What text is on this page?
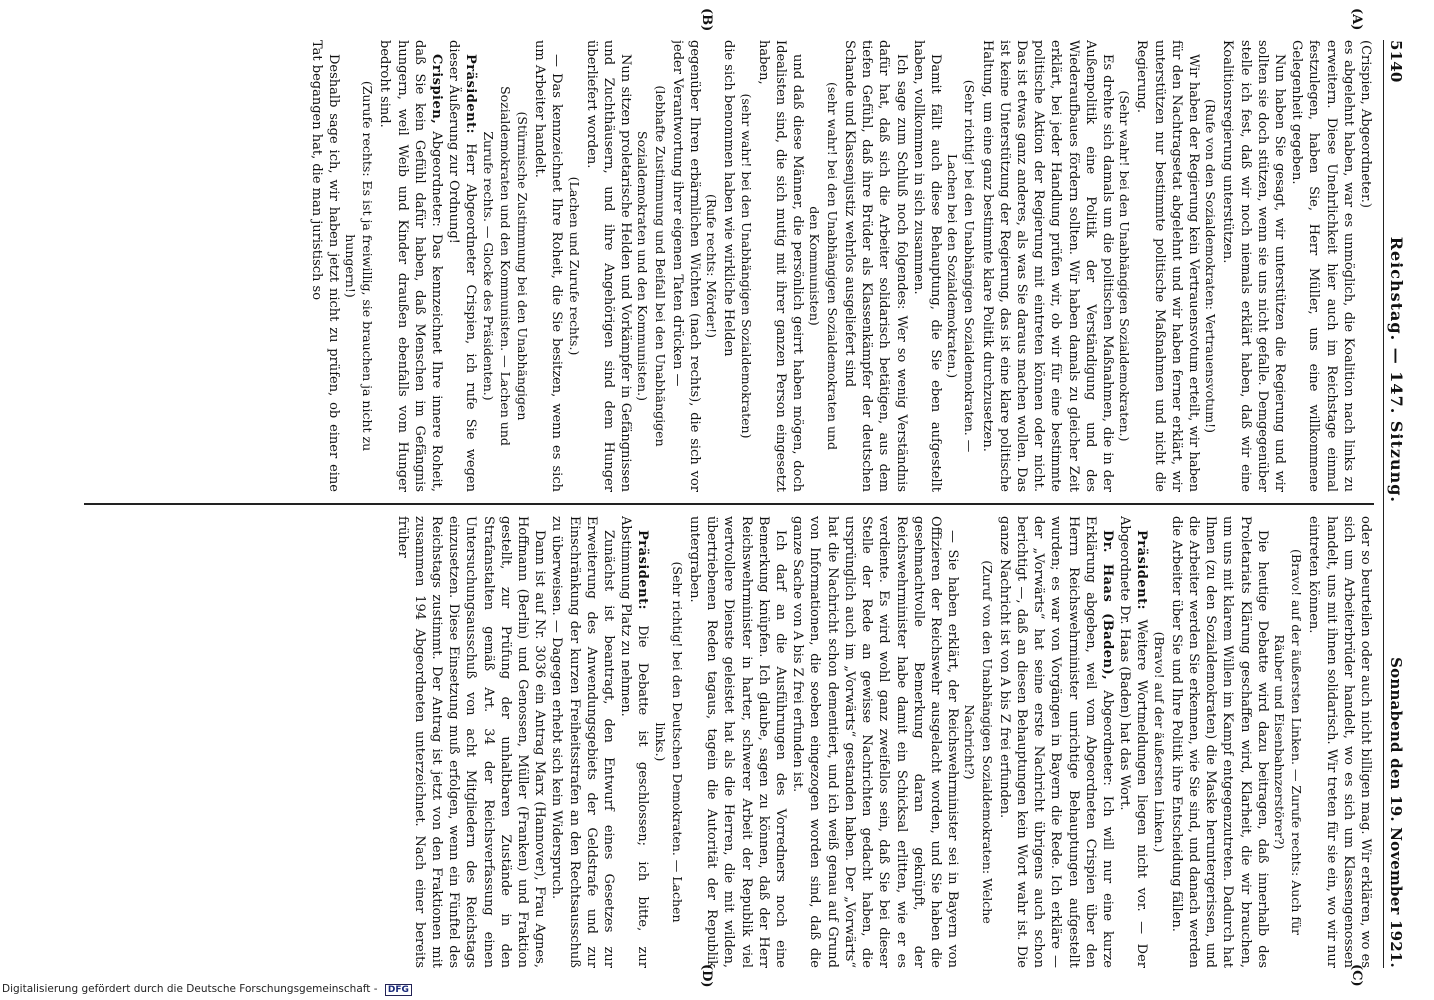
5140
Reichstag. — 147. Sitzung.
Sonnabend den 19. November 1921.

(Crispien, Abgeordneter.)

es abgelehnt haben, war es unmöglich, die Koalition nach links zu erweitern. Diese Unehrlichkeit hier auch im Reichstage einmal festzulegen, haben Sie, Herr Müller, uns eine willkommene Gelegenheit gegeben.

Nun haben Sie gesagt, wir unterstützen die Regierung und wir sollten sie doch stützen, wenn sie uns nicht gefalle. Demgegenüber stelle ich fest, daß wir noch niemals erklärt haben, daß wir eine Koalitionsregierung unterstützen.

(Rufe von den Sozialdemokraten: Vertrauensvotum!)

Wir haben der Regierung kein Vertrauensvotum erteilt, wir haben für den Nachtragsetat abgelehnt und wir haben ferner erklärt, wir unterstützen nur bestimmte politische Maßnahmen und nicht die Regierung.

(Sehr wahr! bei den Unabhängigen Sozialdemokraten.)

Es drehte sich damals um die politischen Maßnahmen, die in der Außenpolitik eine Politik der Verständigung und des Wiederaufbaues fördern sollten. Wir haben damals zu gleicher Zeit erklärt, bei jeder Handlung prüfen wir, ob wir für eine bestimmte politische Aktion der Regierung mit eintreten können oder nicht. Das ist etwas ganz anderes, als was Sie daraus machen wollen. Das ist keine Unterstützung der Regierung, das ist eine klare politische Haltung, um eine ganz bestimmte klare Politik durchzusetzen.

(Sehr richtig! bei den Unabhängigen Sozialdemokraten. — Lachen bei den Sozialdemokraten.)

Damit fällt auch diese Behauptung, die Sie eben aufgestellt haben, vollkommen in sich zusammen.

Ich sage zum Schluß noch folgendes: Wer so wenig Verständnis dafür hat, daß sich die Arbeiter solidarisch betätigen, aus dem tiefen Gefühl, daß ihre Brüder als Klassenkämpfer der deutschen Schande und Klassenjustiz wehrlos ausgeliefert sind

(sehr wahr! bei den Unabhängigen Sozialdemokraten und den Kommunisten)

und daß diese Männer, die persönlich geirrt haben mögen, doch Idealisten sind, die sich mutig mit ihrer ganzen Person eingesetzt haben,

(sehr wahr! bei den Unabhängigen Sozialdemokraten)

die sich benommen haben wie wirkliche Helden

(Rufe rechts: Mörder!)

gegenüber Ihren erbärmlichen Wichten (nach rechts), die sich vor jeder Verantwortung ihrer eigenen Taten drücken —

(lebhafte Zustimmung und Beifall bei den Unabhängigen Sozialdemokraten und den Kommunisten.)

Nun sitzen proletarische Helden und Vorkämpfer in Gefängnissen und Zuchthäusern, und ihre Angehörigen sind dem Hunger überliefert worden.

(Lachen und Zurufe rechts.)

— Das kennzeichnet Ihre Roheit, die Sie besitzen, wenn es sich um Arbeiter handelt.

(Stürmische Zustimmung bei den Unabhängigen Sozialdemokraten und den Kommunisten. — Lachen und Zurufe rechts. — Glocke des Präsidenten.)

Präsident: Herr Abgeordneter Crispien, ich rufe Sie wegen dieser Äußerung zur Ordnung!

Crispien, Abgeordneter: Das kennzeichnet Ihre innere Roheit, daß Sie kein Gefühl dafür haben, daß Menschen im Gefängnis hungern, weil Weib und Kinder draußen ebenfalls vom Hunger bedroht sind.

(Zurufe rechts: Es ist ja freiwillig, sie brauchen ja nicht zu hungern!)

Deshalb sage ich, wir haben jetzt nicht zu prüfen, ob einer eine Tat begangen hat, die man juristisch so

oder so beurteilen oder auch nicht billigen mag. Wir erklären, wo es sich um Arbeiterbrüder handelt, wo es sich um Klassengenossen handelt, uns mit ihnen solidarisch. Wir treten für sie ein, wo wir nur eintreten können.

(Bravo! auf der äußersten Linken. — Zurufe rechts: Auch für Räuber und Eisenbahnzerstörer?)

Die heutige Debatte wird dazu beitragen, daß innerhalb des Proletariats Klärung geschaffen wird, Klarheit, die wir brauchen, um uns mit klarem Willen im Kampf entgegenzutreten. Dadurch hat Ihnen (zu den Sozialdemokraten) die Maske heruntergerissen, und die Arbeiter werden Sie erkennen, wie Sie sind, und danach werden die Arbeiter über Sie und Ihre Politik ihre Entscheidung fällen.

(Bravo! auf der äußersten Linken.)

Präsident: Weitere Wortmeldungen liegen nicht vor. — Der Abgeordnete Dr. Haas (Baden) hat das Wort.

Dr. Haas (Baden), Abgeordneter: Ich will nur eine kurze Erklärung abgeben, weil vom Abgeordneten Crispien über den Herrn Reichswehrminister unrichtige Behauptungen aufgestellt wurden; es war von Vorgängen in Bayern die Rede. Ich erkläre — der „Vorwärts“ hat seine erste Nachricht übrigens auch schon berichtigt —, daß an diesen Behauptungen kein Wort wahr ist. Die ganze Nachricht ist von A bis Z frei erfunden.

(Zuruf von den Unabhängigen Sozialdemokraten: Welche Nachricht?)

— Sie haben erklärt, der Reichswehrminister sei in Bayern von Offizieren der Reichswehr ausgelacht worden, und Sie haben die gesehmachtvolle Bemerkung daran geknüpft, der Reichswehrminister habe damit ein Schicksal erlitten, wie er es verdiente. Es wird wohl ganz zweifellos sein, daß Sie bei dieser Stelle der Rede an gewisse Nachrichten gedacht haben, die ursprünglich auch im „Vorwärts“ gestanden haben. Der „Vorwärts“ hat die Nachricht schon dementiert, und ich weiß genau auf Grund von Informationen, die soeben eingezogen worden sind, daß die ganze Sache von A bis Z frei erfunden ist.

Ich darf an die Ausführungen des Vorredners noch eine Bemerkung knüpfen. Ich glaube, sagen zu können, daß der Herr Reichswehrminister in harter, schwerer Arbeit der Republik viel wertvollere Dienste geleistet hat als die Herren, die mit wilden, übertriebenen Reden tagaus, tagein die Autorität der Republik untergraben.

(Sehr richtig! bei den Deutschen Demokraten. — Lachen links.)

Präsident: Die Debatte ist geschlossen; ich bitte, zur Abstimmung Platz zu nehmen.

Zunächst ist beantragt, den Entwurf eines Gesetzes zur Erweiterung des Anwendungsgebiets der Geldstrafe und zur Einschränkung der kurzen Freiheitsstrafen an den Rechtsausschuß zu überweisen. — Dagegen erhebt sich kein Widerspruch.

Dann ist auf Nr. 3036 ein Antrag Marx (Hannover), Frau Agnes, Hoffmann (Berlin) und Genossen, Müller (Franken) und Fraktion gestellt, zur Prüfung der unhaltbaren Zustände in den Strafanstalten gemäß Art. 34 der Reichsverfassung einen Untersuchungsausschuß von acht Mitgliedern des Reichstags einzusetzen. Diese Einsetzung muß erfolgen, wenn ein Fünftel des Reichstags zustimmt. Der Antrag ist jetzt von den Fraktionen mit zusammen 194 Abgeordneten unterzeichnet. Nach einer bereits früher

(A)
(B)
(C)
(D)
Digitalisierung gefördert durch die Deutsche Forschungsgemeinschaft - DFG
